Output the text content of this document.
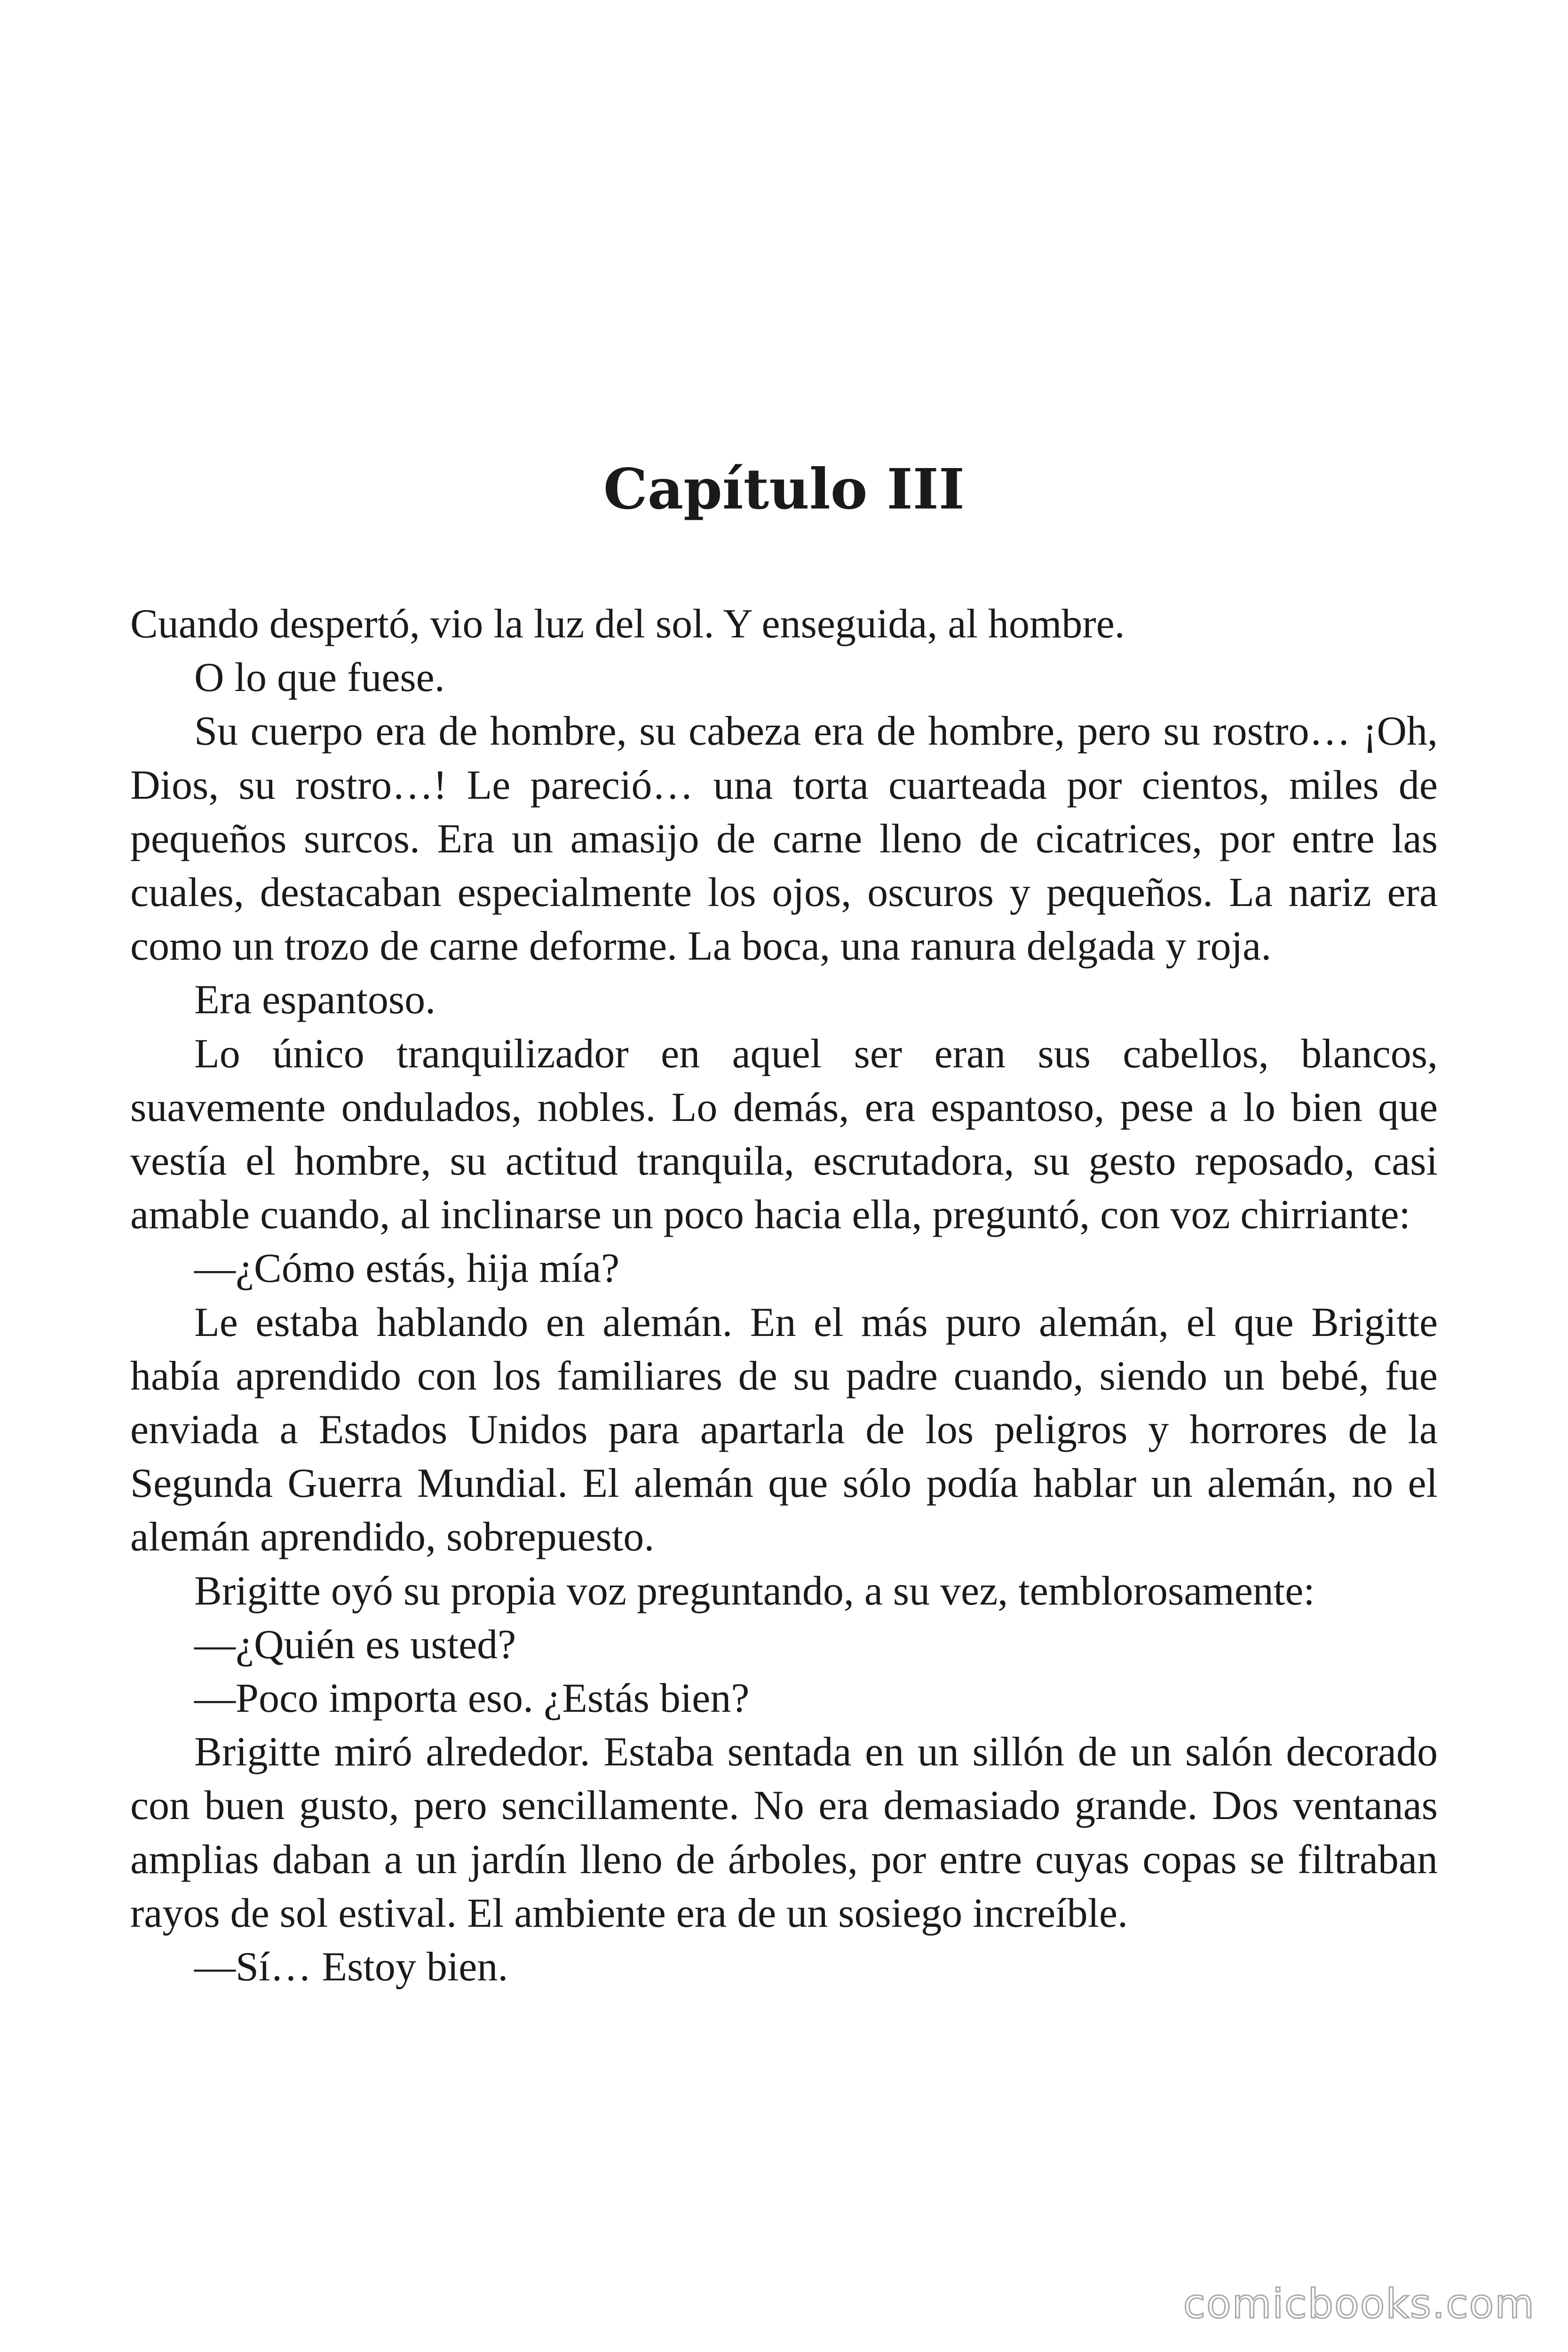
Capítulo III

Cuando despertó, vio la luz del sol. Y enseguida, al hombre.

O lo que fuese.

Su cuerpo era de hombre, su cabeza era de hombre, pero su rostro… ¡Oh, Dios, su rostro…! Le pareció… una torta cuarteada por cientos, miles de pequeños surcos. Era un amasijo de carne lleno de cicatrices, por entre las cuales, destacaban especialmente los ojos, oscuros y pequeños. La nariz era como un trozo de carne deforme. La boca, una ranura delgada y roja.

Era espantoso.

Lo único tranquilizador en aquel ser eran sus cabellos, blancos, suavemente ondulados, nobles. Lo demás, era espantoso, pese a lo bien que vestía el hombre, su actitud tranquila, escrutadora, su gesto reposado, casi amable cuando, al inclinarse un poco hacia ella, preguntó, con voz chirriante:

—¿Cómo estás, hija mía?

Le estaba hablando en alemán. En el más puro alemán, el que Brigitte había aprendido con los familiares de su padre cuando, siendo un bebé, fue enviada a Estados Unidos para apartarla de los peligros y horrores de la Segunda Guerra Mundial. El alemán que sólo podía hablar un alemán, no el alemán aprendido, sobrepuesto.

Brigitte oyó su propia voz preguntando, a su vez, temblorosamente:

—¿Quién es usted?

—Poco importa eso. ¿Estás bien?

Brigitte miró alrededor. Estaba sentada en un sillón de un salón decorado con buen gusto, pero sencillamente. No era demasiado grande. Dos ventanas amplias daban a un jardín lleno de árboles, por entre cuyas copas se filtraban rayos de sol estival. El ambiente era de un sosiego increíble.

—Sí… Estoy bien.

comicbooks.com
